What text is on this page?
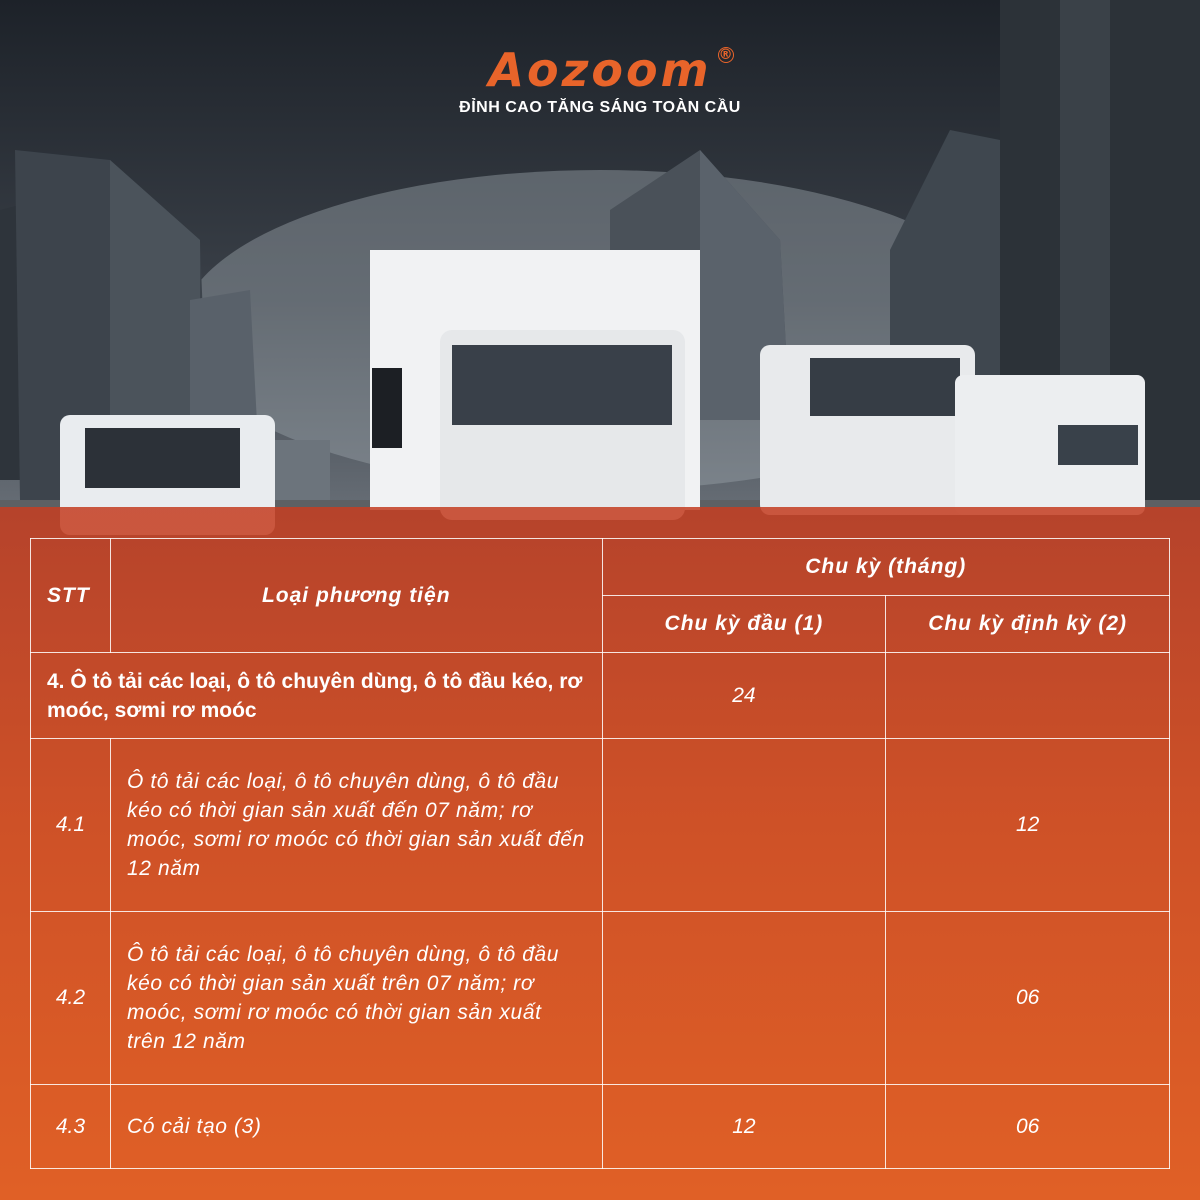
Aozoom ®
ĐỈNH CAO TĂNG SÁNG TOÀN CẦU
STT	Loại phương tiện	Chu kỳ (tháng)	
		Chu kỳ đầu (1)	Chu kỳ định kỳ (2)
4. Ô tô tải các loại, ô tô chuyên dùng, ô tô đầu kéo, rơ moóc, sơmi rơ moóc		24	
4.1	Ô tô tải các loại, ô tô chuyên dùng, ô tô đầu kéo có thời gian sản xuất đến 07 năm; rơ moóc, sơmi rơ moóc có thời gian sản xuất đến 12 năm		12
4.2	Ô tô tải các loại, ô tô chuyên dùng, ô tô đầu kéo có thời gian sản xuất trên 07 năm; rơ moóc, sơmi rơ moóc có thời gian sản xuất trên 12 năm		06
4.3	Có cải tạo (3)	12	06
